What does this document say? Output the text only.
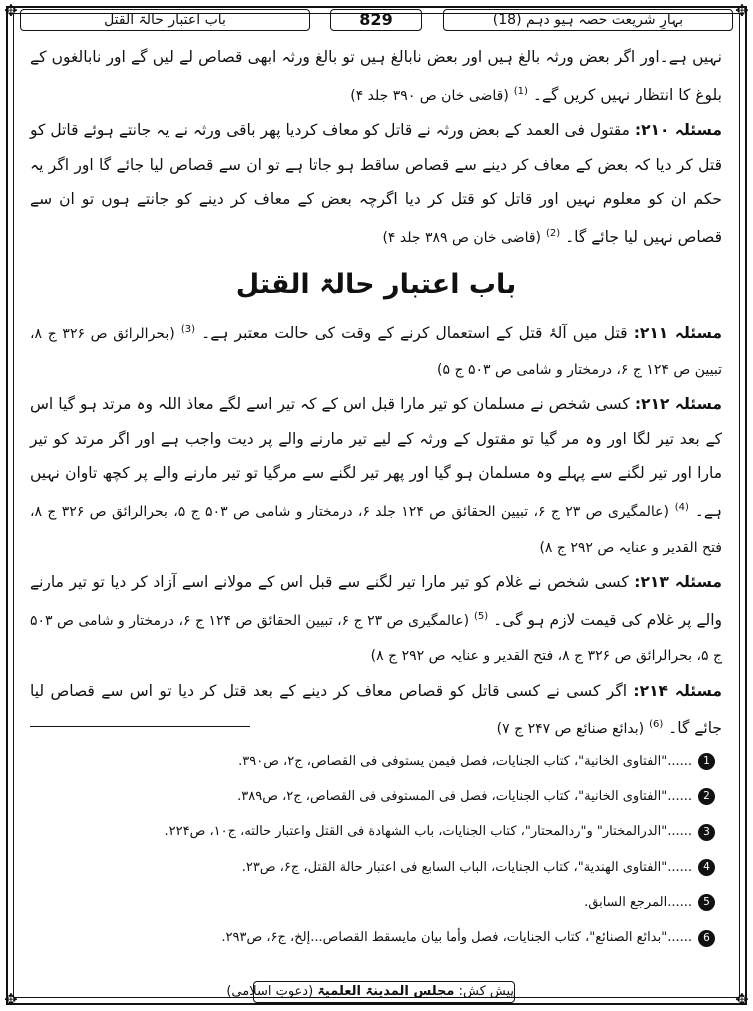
✥	✥
✥	✥
بہارِ شریعت حصہ ہیو دہم (18)
829
باب اعتبار حالۃ القتل

نہیں ہے۔اور اگر بعض ورثہ بالغ ہیں اور بعض نابالغ ہیں تو بالغ ورثہ ابھی قصاص لے لیں گے اور نابالغوں کے بلوغ کا انتظار نہیں کریں گے۔ $^{(1)}$ (قاضی خان ص ۳۹۰ جلد ۴)

مسئلہ ۲۱۰: مقتول فی العمد کے بعض ورثہ نے قاتل کو معاف کردیا پھر باقی ورثہ نے یہ جانتے ہوئے قاتل کو قتل کر دیا کہ بعض کے معاف کر دینے سے قصاص ساقط ہو جاتا ہے تو ان سے قصاص لیا جائے گا اور اگر یہ حکم ان کو معلوم نہیں اور قاتل کو قتل کر دیا اگرچہ بعض کے معاف کر دینے کو جانتے ہوں تو ان سے قصاص نہیں لیا جائے گا۔ $^{(2)}$ (قاضی خان ص ۳۸۹ جلد ۴)

باب اعتبار حالۃ القتل

مسئلہ ۲۱۱: قتل میں آلۂ قتل کے استعمال کرنے کے وقت کی حالت معتبر ہے۔ $^{(3)}$ (بحرالرائق ص ۳۲۶ ج ۸، تبیین ص ۱۲۴ ج ۶، درمختار و شامی ص ۵۰۳ ج ۵)

مسئلہ ۲۱۲: کسی شخص نے مسلمان کو تیر مارا قبل اس کے کہ تیر اسے لگے معاذ اللہ وہ مرتد ہو گیا اس کے بعد تیر لگا اور وہ مر گیا تو مقتول کے ورثہ کے لیے تیر مارنے والے پر دیت واجب ہے اور اگر مرتد کو تیر مارا اور تیر لگنے سے پہلے وہ مسلمان ہو گیا اور پھر تیر لگنے سے مرگیا تو تیر مارنے والے پر کچھ تاوان نہیں ہے۔ $^{(4)}$ (عالمگیری ص ۲۳ ج ۶، تبیین الحقائق ص ۱۲۴ جلد ۶، درمختار و شامی ص ۵۰۳ ج ۵، بحرالرائق ص ۳۲۶ ج ۸، فتح القدیر و عنایہ ص ۲۹۲ ج ۸)

مسئلہ ۲۱۳: کسی شخص نے غلام کو تیر مارا تیر لگنے سے قبل اس کے مولانے اسے آزاد کر دیا تو تیر مارنے والے پر غلام کی قیمت لازم ہو گی۔ $^{(5)}$ (عالمگیری ص ۲۳ ج ۶، تبیین الحقائق ص ۱۲۴ ج ۶، درمختار و شامی ص ۵۰۳ ج ۵، بحرالرائق ص ۳۲۶ ج ۸، فتح القدیر و عنایہ ص ۲۹۲ ج ۸)

مسئلہ ۲۱۴: اگر کسی نے کسی قاتل کو قصاص معاف کر دینے کے بعد قتل کر دیا تو اس سے قصاص لیا جائے گا۔ $^{(6)}$ (بدائع صنائع ص ۲۴۷ ج ۷)

1
......"الفتاوی الخانية"، كتاب الجنايات، فصل فيمن يستوفی فی القصاص، ج۲، ص۳۹۰.
2
......"الفتاوی الخانية"، كتاب الجنايات، فصل فی المستوفی فی القصاص، ج۲، ص۳۸۹.
3
......"الدرالمختار" و"ردالمحتار"، كتاب الجنايات، باب الشهادة فی القتل واعتبار حالته، ج۱۰، ص۲۲۴.
4
......"الفتاوی الهندية"، كتاب الجنايات، الباب السابع فی اعتبار حالة القتل، ج۶، ص۲۳.
5
......المرجع السابق.
6
......"بدائع الصنائع"، كتاب الجنايات، فصل وأما بيان مايسقط القصاص...إلخ، ج۶، ص۲۹۳.
پیش کش: مجلس المدینۃ العلمیۃ (دعوتِ اسلامی)
